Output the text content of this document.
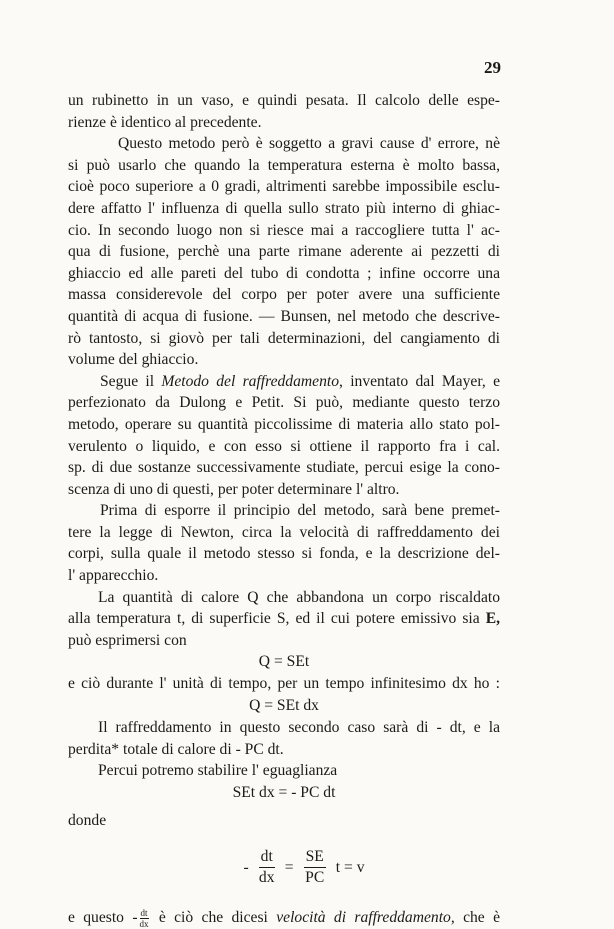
29
un rubinetto in un vaso, e quindi pesata. Il calcolo delle espe-
rienze è identico al precedente.
Questo metodo però è soggetto a gravi cause d' errore, nè
si può usarlo che quando la temperatura esterna è molto bassa,
cioè poco superiore a 0 gradi, altrimenti sarebbe impossibile esclu-
dere affatto l' influenza di quella sullo strato più interno di ghiac-
cio. In secondo luogo non si riesce mai a raccogliere tutta l' ac-
qua di fusione, perchè una parte rimane aderente ai pezzetti di
ghiaccio ed alle pareti del tubo di condotta ; infine occorre una
massa considerevole del corpo per poter avere una sufficiente
quantità di acqua di fusione. — Bunsen, nel metodo che descrive-
rò tantosto, si giovò per tali determinazioni, del cangiamento di
volume del ghiaccio.
Segue il Metodo del raffreddamento, inventato dal Mayer, e
perfezionato da Dulong e Petit. Si può, mediante questo terzo
metodo, operare su quantità piccolissime di materia allo stato pol-
verulento o liquido, e con esso si ottiene il rapporto fra i cal.
sp. di due sostanze successivamente studiate, percui esige la cono-
scenza di uno di questi, per poter determinare l' altro.
Prima di esporre il principio del metodo, sarà bene premet-
tere la legge di Newton, circa la velocità di raffreddamento dei
corpi, sulla quale il metodo stesso si fonda, e la descrizione del-
l' apparecchio.
La quantità di calore Q che abbandona un corpo riscaldato
alla temperatura t, di superficie S, ed il cui potere emissivo sia E,
può esprimersi con
Q = SEt
e ciò durante l' unità di tempo, per un tempo infinitesimo dx ho :
Q = SEt dx
Il raffreddamento in questo secondo caso sarà di - dt, e la
perdita* totale di calore di - PC dt.
Percui potremo stabilire l' eguaglianza
SEt dx = - PC dt
donde
- $\frac{dt}{dx} = \frac{SE}{PC}$ t = v
e questo - $\frac{dt}{dx}$ è ciò che dicesi velocità di raffreddamento, che è
